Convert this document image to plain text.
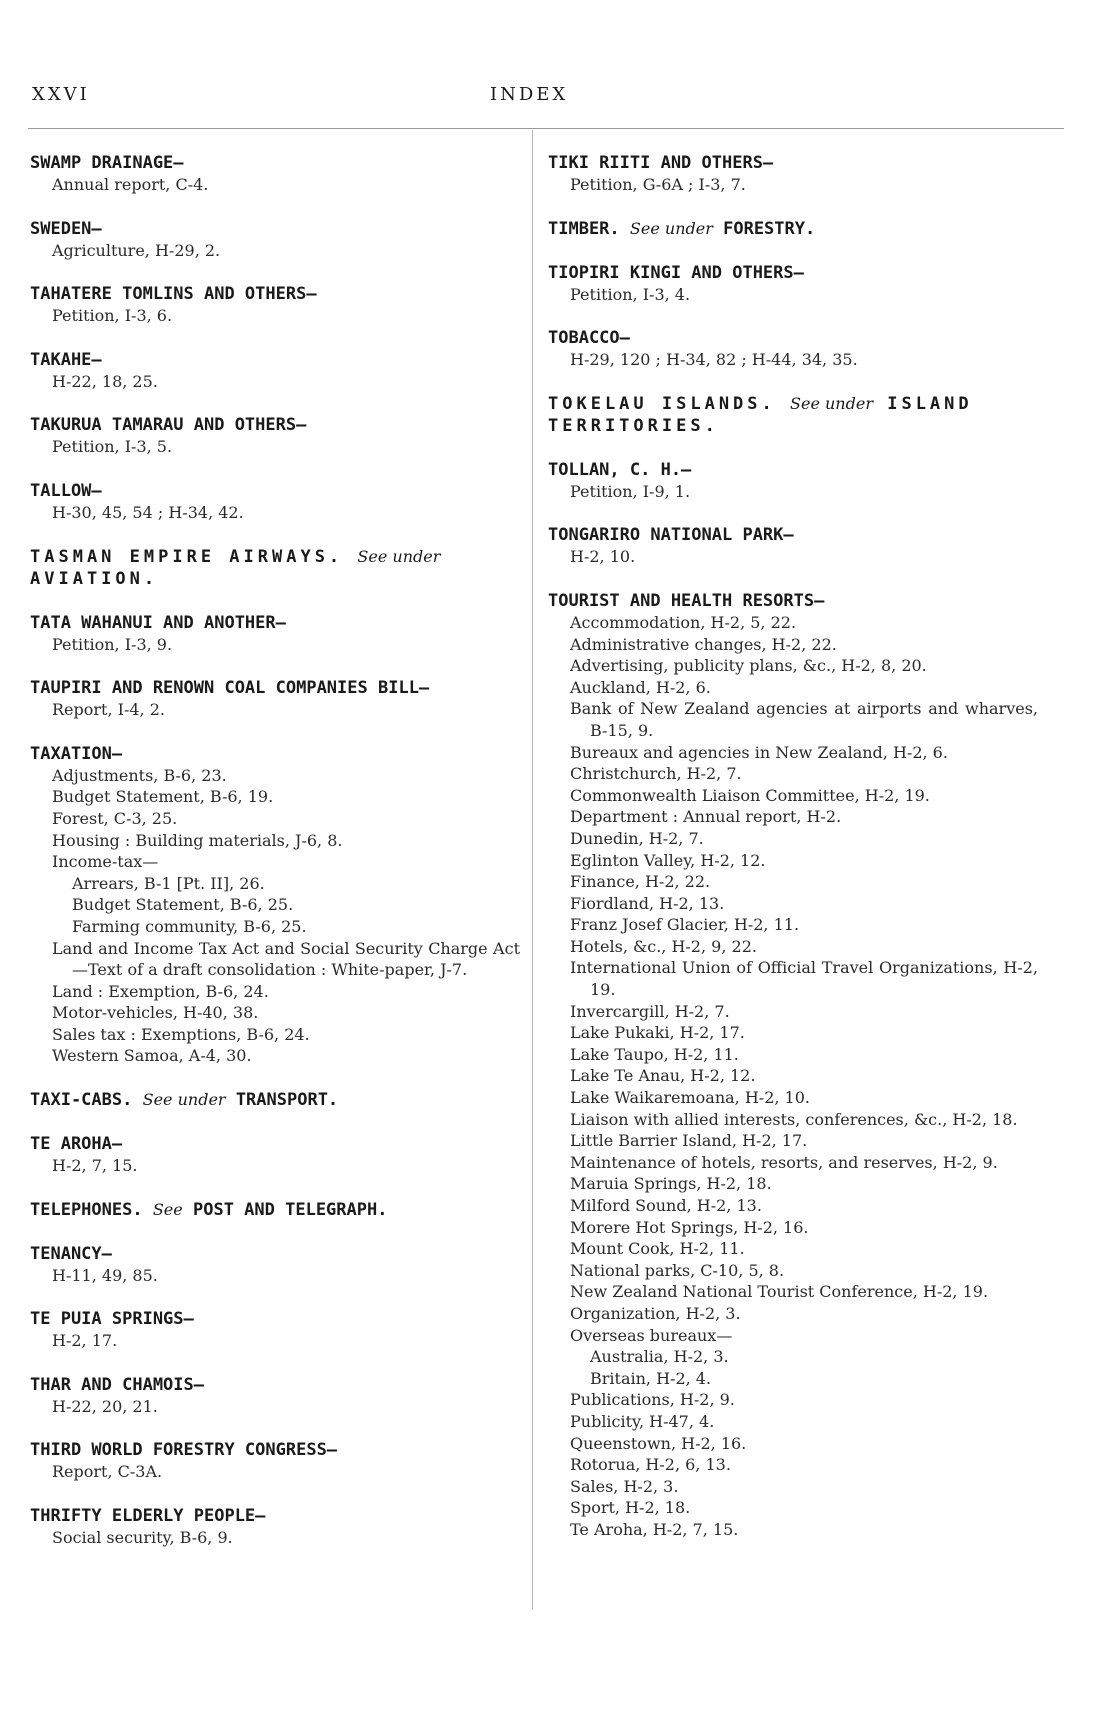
XXVI	INDEX
SWAMP DRAINAGE—
Annual report, C-4.
SWEDEN—
Agriculture, H-29, 2.
TAHATERE TOMLINS AND OTHERS—
Petition, I-3, 6.
TAKAHE—
H-22, 18, 25.
TAKURUA TAMARAU AND OTHERS—
Petition, I-3, 5.
TALLOW—
H-30, 45, 54 ; H-34, 42.
TASMAN EMPIRE AIRWAYS. See under AVIATION.
TATA WAHANUI AND ANOTHER—
Petition, I-3, 9.
TAUPIRI AND RENOWN COAL COMPANIES BILL—
Report, I-4, 2.
TAXATION—
Adjustments, B-6, 23.
Budget Statement, B-6, 19.
Forest, C-3, 25.
Housing : Building materials, J-6, 8.
Income-tax—
Arrears, B-1 [Pt. II], 26.
Budget Statement, B-6, 25.
Farming community, B-6, 25.
Land and Income Tax Act and Social Security Charge Act—Text of a draft consolidation : White-paper, J-7.
Land : Exemption, B-6, 24.
Motor-vehicles, H-40, 38.
Sales tax : Exemptions, B-6, 24.
Western Samoa, A-4, 30.
TAXI-CABS. See under TRANSPORT.
TE AROHA—
H-2, 7, 15.
TELEPHONES. See POST AND TELEGRAPH.
TENANCY—
H-11, 49, 85.
TE PUIA SPRINGS—
H-2, 17.
THAR AND CHAMOIS—
H-22, 20, 21.
THIRD WORLD FORESTRY CONGRESS—
Report, C-3A.
THRIFTY ELDERLY PEOPLE—
Social security, B-6, 9.
TIKI RIITI AND OTHERS—
Petition, G-6A ; I-3, 7.
TIMBER. See under FORESTRY.
TIOPIRI KINGI AND OTHERS—
Petition, I-3, 4.
TOBACCO—
H-29, 120 ; H-34, 82 ; H-44, 34, 35.
TOKELAU ISLANDS. See under ISLAND TERRITORIES.
TOLLAN, C. H.—
Petition, I-9, 1.
TONGARIRO NATIONAL PARK—
H-2, 10.
TOURIST AND HEALTH RESORTS—
Accommodation, H-2, 5, 22.
Administrative changes, H-2, 22.
Advertising, publicity plans, &c., H-2, 8, 20.
Auckland, H-2, 6.
Bank of New Zealand agencies at airports and wharves, B-15, 9.
Bureaux and agencies in New Zealand, H-2, 6.
Christchurch, H-2, 7.
Commonwealth Liaison Committee, H-2, 19.
Department : Annual report, H-2.
Dunedin, H-2, 7.
Eglinton Valley, H-2, 12.
Finance, H-2, 22.
Fiordland, H-2, 13.
Franz Josef Glacier, H-2, 11.
Hotels, &c., H-2, 9, 22.
International Union of Official Travel Organizations, H-2, 19.
Invercargill, H-2, 7.
Lake Pukaki, H-2, 17.
Lake Taupo, H-2, 11.
Lake Te Anau, H-2, 12.
Lake Waikaremoana, H-2, 10.
Liaison with allied interests, conferences, &c., H-2, 18.
Little Barrier Island, H-2, 17.
Maintenance of hotels, resorts, and reserves, H-2, 9.
Maruia Springs, H-2, 18.
Milford Sound, H-2, 13.
Morere Hot Springs, H-2, 16.
Mount Cook, H-2, 11.
National parks, C-10, 5, 8.
New Zealand National Tourist Conference, H-2, 19.
Organization, H-2, 3.
Overseas bureaux—
Australia, H-2, 3.
Britain, H-2, 4.
Publications, H-2, 9.
Publicity, H-47, 4.
Queenstown, H-2, 16.
Rotorua, H-2, 6, 13.
Sales, H-2, 3.
Sport, H-2, 18.
Te Aroha, H-2, 7, 15.
